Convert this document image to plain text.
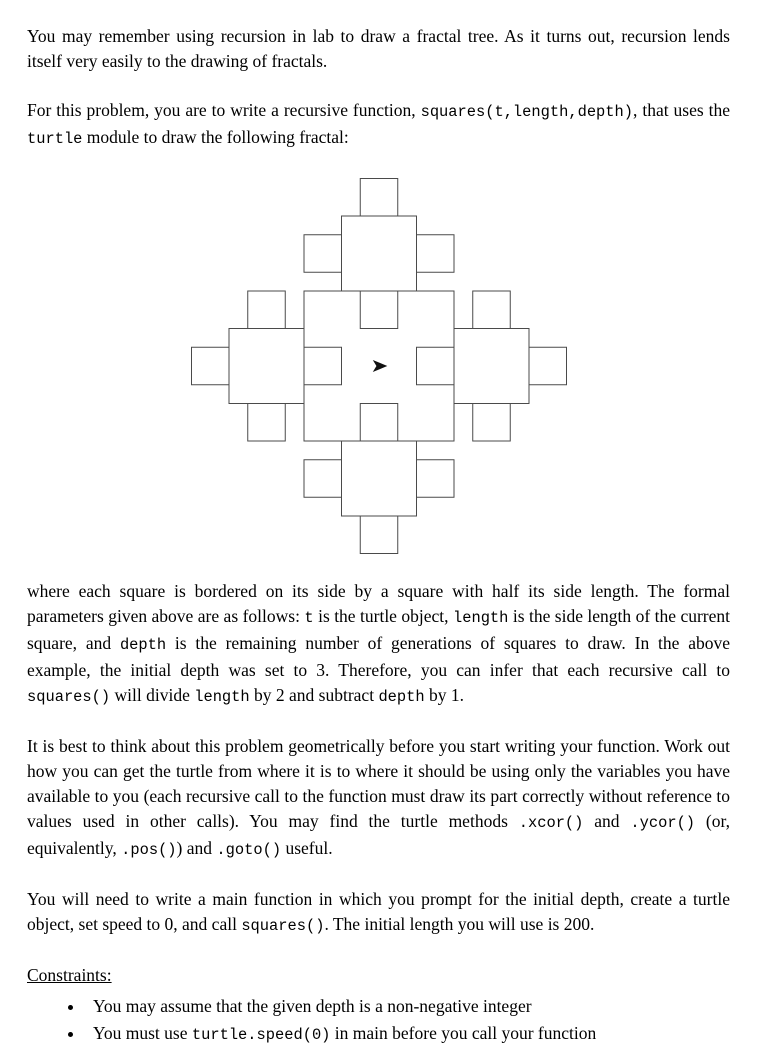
You may remember using recursion in lab to draw a fractal tree. As it turns out, recursion lends itself very easily to the drawing of fractals.

For this problem, you are to write a recursive function, squares(t,length,depth), that uses the turtle module to draw the following fractal:

where each square is bordered on its side by a square with half its side length. The formal parameters given above are as follows: t is the turtle object, length is the side length of the current square, and depth is the remaining number of generations of squares to draw. In the above example, the initial depth was set to 3. Therefore, you can infer that each recursive call to squares() will divide length by 2 and subtract depth by 1.

It is best to think about this problem geometrically before you start writing your function. Work out how you can get the turtle from where it is to where it should be using only the variables you have available to you (each recursive call to the function must draw its part correctly without reference to values used in other calls). You may find the turtle methods .xcor() and .ycor() (or, equivalently, .pos()) and .goto() useful.

You will need to write a main function in which you prompt for the initial depth, create a turtle object, set speed to 0, and call squares(). The initial length you will use is 200.

Constraints:
• You may assume that the given depth is a non-negative integer
• You must use turtle.speed(0) in main before you call your function
